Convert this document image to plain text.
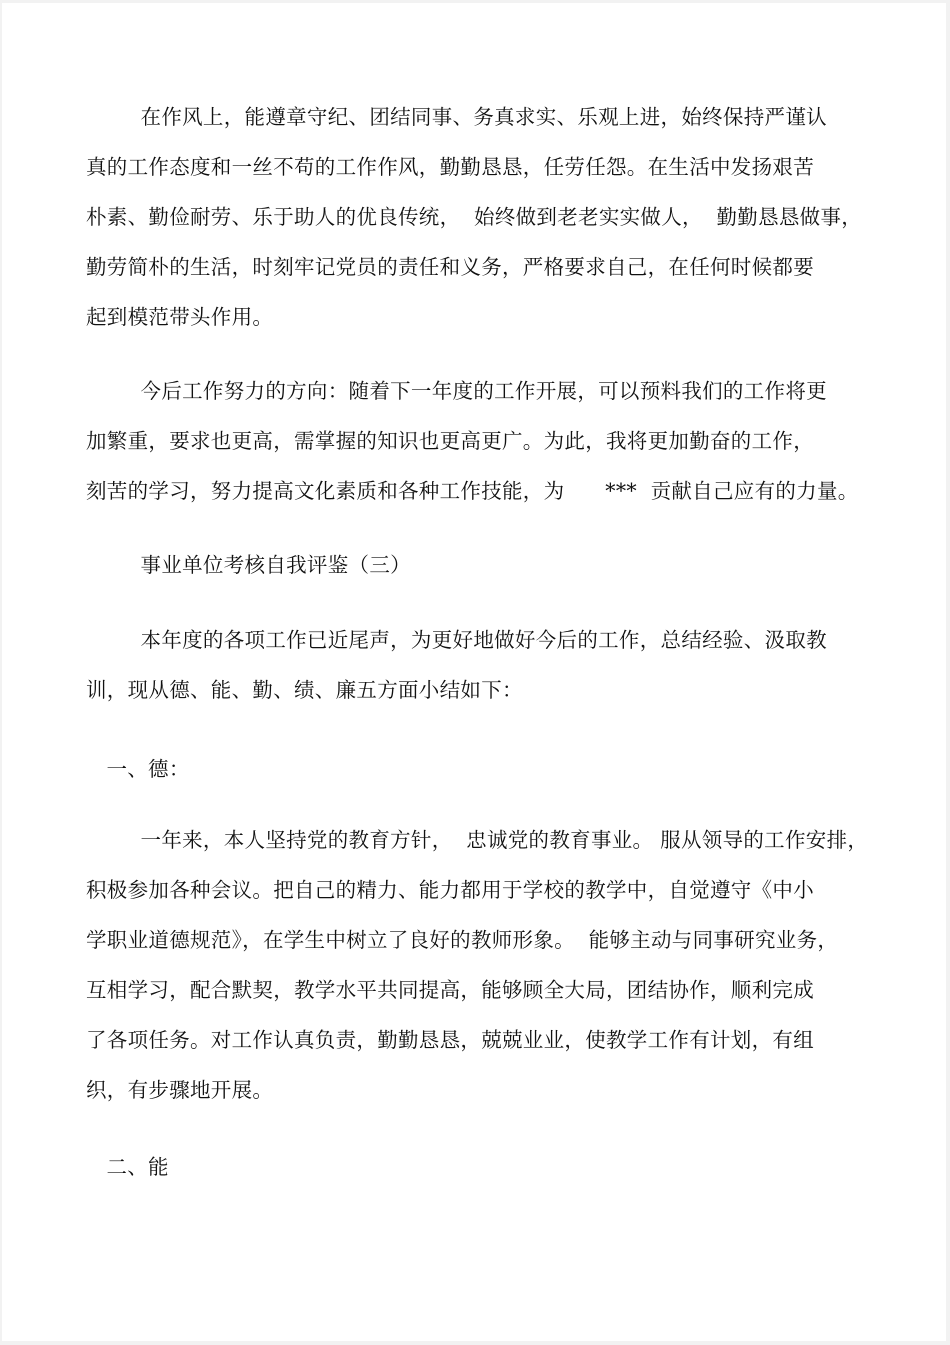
在作风上，能遵章守纪、团结同事、务真求实、乐观上进，始终保持严谨认
真的工作态度和一丝不苟的工作作风，勤勤恳恳，任劳任怨。在生活中发扬艰苦
朴素、勤俭耐劳、乐于助人的优良传统，  始终做到老老实实做人，  勤勤恳恳做事，
勤劳简朴的生活，时刻牢记党员的责任和义务，严格要求自己，在任何时候都要
起到模范带头作用。
今后工作努力的方向：随着下一年度的工作开展，可以预料我们的工作将更
加繁重，要求也更高，需掌握的知识也更高更广。为此，我将更加勤奋的工作，
刻苦的学习，努力提高文化素质和各种工作技能，为      ***  贡献自己应有的力量。
事业单位考核自我评鉴（三）
本年度的各项工作已近尾声，为更好地做好今后的工作，总结经验、汲取教
训，现从德、能、勤、绩、廉五方面小结如下：
一、德：
一年来，本人坚持党的教育方针，  忠诚党的教育事业。 服从领导的工作安排，
积极参加各种会议。把自己的精力、能力都用于学校的教学中，自觉遵守《中小
学职业道德规范》，在学生中树立了良好的教师形象。  能够主动与同事研究业务，
互相学习，配合默契，教学水平共同提高，能够顾全大局，团结协作，顺利完成
了各项任务。对工作认真负责，勤勤恳恳，兢兢业业，使教学工作有计划，有组
织，有步骤地开展。
二、能
